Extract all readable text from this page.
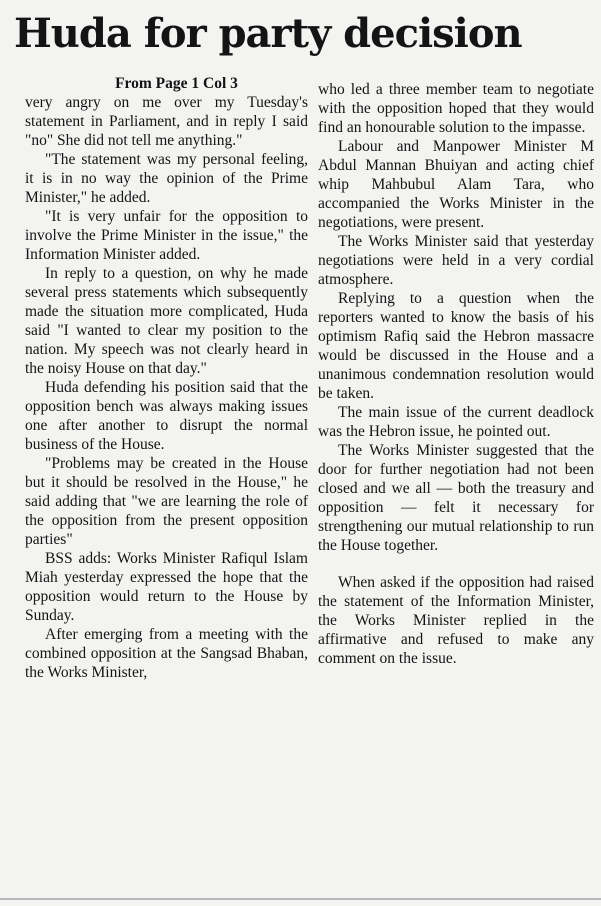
Huda for party decision

From Page 1 Col 3

very angry on me over my Tuesday's statement in Parliament, and in reply I said "no" She did not tell me anything."

"The statement was my personal feeling, it is in no way the opinion of the Prime Minister," he added.

"It is very unfair for the opposition to involve the Prime Minister in the issue," the Information Minister added.

In reply to a question, on why he made several press statements which subsequently made the situation more complicated, Huda said "I wanted to clear my position to the nation. My speech was not clearly heard in the noisy House on that day."

Huda defending his position said that the opposition bench was always making issues one after another to disrupt the normal business of the House.

"Problems may be created in the House but it should be resolved in the House," he said adding that "we are learning the role of the opposition from the present opposition parties"

BSS adds: Works Minister Rafiqul Islam Miah yesterday expressed the hope that the opposition would return to the House by Sunday.

After emerging from a meeting with the combined opposition at the Sangsad Bhaban, the Works Minister,

who led a three member team to negotiate with the opposition hoped that they would find an honourable solution to the impasse.

Labour and Manpower Minister M Abdul Mannan Bhuiyan and acting chief whip Mahbubul Alam Tara, who accompanied the Works Minister in the negotiations, were present.

The Works Minister said that yesterday negotiations were held in a very cordial atmosphere.

Replying to a question when the reporters wanted to know the basis of his optimism Rafiq said the Hebron massacre would be discussed in the House and a unanimous condemnation resolution would be taken.

The main issue of the current deadlock was the Hebron issue, he pointed out.

The Works Minister suggested that the door for further negotiation had not been closed and we all — both the treasury and opposition — felt it necessary for strengthening our mutual relationship to run the House together.

When asked if the opposition had raised the statement of the Information Minister, the Works Minister replied in the affirmative and refused to make any comment on the issue.
